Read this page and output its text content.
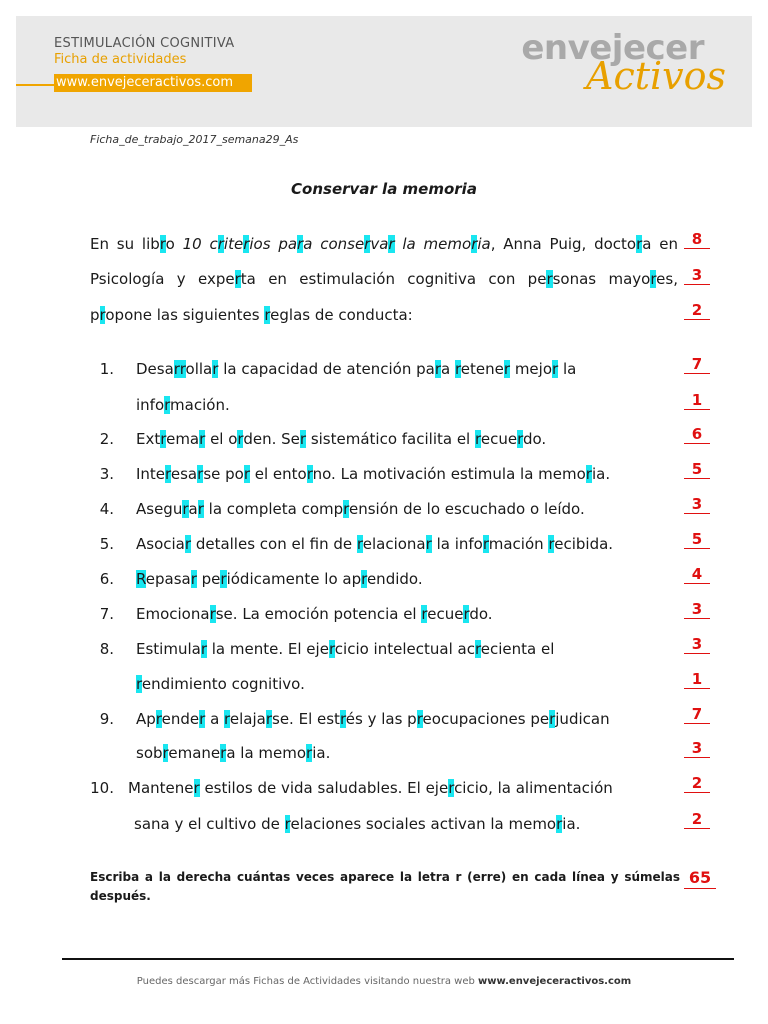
ESTIMULACIÓN COGNITIVA
Ficha de actividades
www.envejeceractivos.com
envejecer
Activos
Ficha_de_trabajo_2017_semana29_As
Conservar la memoria
En su libro 10 criterios para conservar la memoria, Anna Puig, doctora en
Psicología y experta en estimulación cognitiva con personas mayores,
propone las siguientes reglas de conducta:
8
3
2
1. Desarrollar la capacidad de atención para retener mejor la
información.
2. Extremar el orden. Ser sistemático facilita el recuerdo.
3. Interesarse por el entorno. La motivación estimula la memoria.
4. Asegurar la completa comprensión de lo escuchado o leído.
5. Asociar detalles con el fin de relacionar la información recibida.
6. Repasar periódicamente lo aprendido.
7. Emocionarse. La emoción potencia el recuerdo.
8. Estimular la mente. El ejercicio intelectual acrecienta el
rendimiento cognitivo.
9. Aprender a relajarse. El estrés y las preocupaciones perjudican
sobremanera la memoria.
10. Mantener estilos de vida saludables. El ejercicio, la alimentación
sana y el cultivo de relaciones sociales activan la memoria.
7
1
6
5
3
5
4
3
3
1
7
3
2
2
Escriba a la derecha cuántas veces aparece la letra r (erre) en cada línea y súmelas después.
65
Puedes descargar más Fichas de Actividades visitando nuestra web www.envejeceractivos.com
